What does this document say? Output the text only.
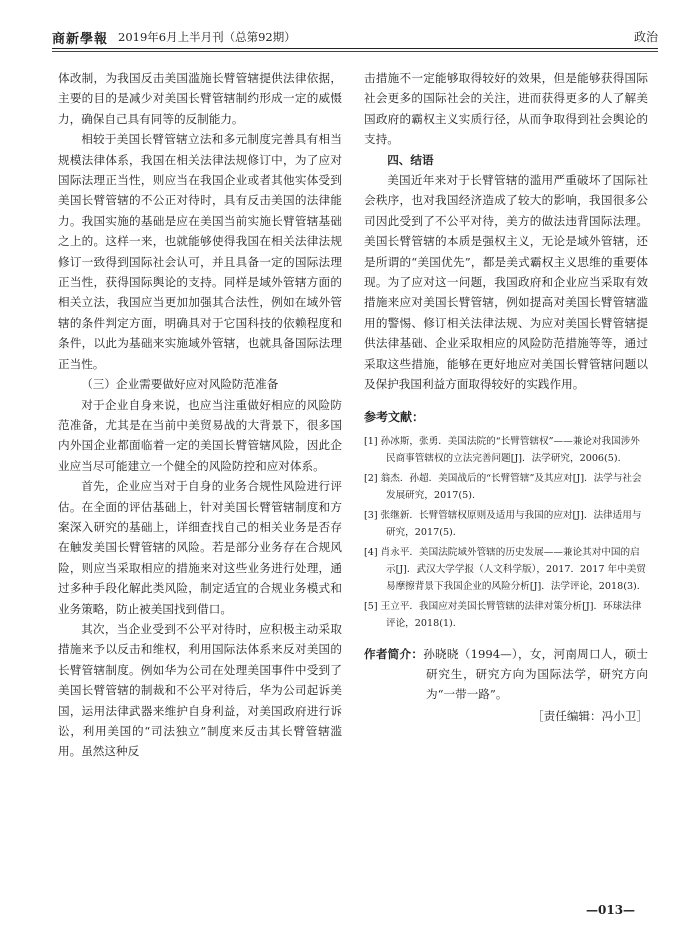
商新學報 2019年6月上半月刊（总第92期）	政治

体改制，为我国反击美国滥施长臂管辖提供法律依据，主要的目的是减少对美国长臂管辖制约形成一定的威慑力，确保自己具有同等的反制能力。

相较于美国长臂管辖立法和多元制度完善具有相当规模法律体系，我国在相关法律法规修订中，为了应对国际法理正当性，则应当在我国企业或者其他实体受到美国长臂管辖的不公正对待时，具有反击美国的法律能力。我国实施的基础是应在美国当前实施长臂管辖基础之上的。这样一来，也就能够使得我国在相关法律法规修订一致得到国际社会认可，并且具备一定的国际法理正当性，获得国际舆论的支持。同样是域外管辖方面的相关立法，我国应当更加加强其合法性，例如在域外管辖的条件判定方面，明确具对于它国科技的依赖程度和条件，以此为基础来实施域外管辖，也就具备国际法理正当性。

（三）企业需要做好应对风险防范准备

对于企业自身来说，也应当注重做好相应的风险防范准备，尤其是在当前中美贸易战的大背景下，很多国内外国企业都面临着一定的美国长臂管辖风险，因此企业应当尽可能建立一个健全的风险防控和应对体系。

首先，企业应当对于自身的业务合规性风险进行评估。在全面的评估基础上，针对美国长臂管辖制度和方案深入研究的基础上，详细查找自己的相关业务是否存在触发美国长臂管辖的风险。若是部分业务存在合规风险，则应当采取相应的措施来对这些业务进行处理，通过多种手段化解此类风险，制定适宜的合规业务模式和业务策略，防止被美国找到借口。

其次，当企业受到不公平对待时，应积极主动采取措施来予以反击和维权，利用国际法体系来反对美国的长臂管辖制度。例如华为公司在处理美国事件中受到了美国长臂管辖的制裁和不公平对待后，华为公司起诉美国，运用法律武器来维护自身利益，对美国政府进行诉讼，利用美国的“司法独立”制度来反击其长臂管辖滥用。虽然这种反

击措施不一定能够取得较好的效果，但是能够获得国际社会更多的国际社会的关注，进而获得更多的人了解美国政府的霸权主义实质行径，从而争取得到社会舆论的支持。

四、结语

美国近年来对于长臂管辖的滥用严重破坏了国际社会秩序，也对我国经济造成了较大的影响，我国很多公司因此受到了不公平对待，美方的做法违背国际法理。美国长臂管辖的本质是强权主义，无论是域外管辖，还是所谓的“美国优先”，都是美式霸权主义思维的重要体现。为了应对这一问题，我国政府和企业应当采取有效措施来应对美国长臂管辖，例如提高对美国长臂管辖滥用的警惕、修订相关法律法规、为应对美国长臂管辖提供法律基础、企业采取相应的风险防范措施等等，通过采取这些措施，能够在更好地应对美国长臂管辖问题以及保护我国利益方面取得较好的实践作用。

参考文献：
[1] 孙冰斯，张勇．美国法院的“长臂管辖权”——兼论对我国涉外民商事管辖权的立法完善问题[J]．法学研究，2006(5).
[2] 翁杰．孙超．美国战后的“长臂管辖”及其应对[J]．法学与社会发展研究，2017(5).
[3] 张继新．长臂管辖权原则及适用与我国的应对[J]．法律适用与研究，2017(5).
[4] 肖永平．美国法院域外管辖的历史发展——兼论其对中国的启示[J]．武汉大学学报（人文科学版），2017．2017 年中美贸易摩擦背景下我国企业的风险分析[J]．法学评论，2018(3).
[5] 王立平．我国应对美国长臂管辖的法律对策分析[J]．环球法律评论，2018(1).
作者简介：孙晓晓（1994—），女，河南周口人，硕士研究生，研究方向为国际法学，研究方向为“一带一路”。
［责任编辑：冯小卫］
—013—
